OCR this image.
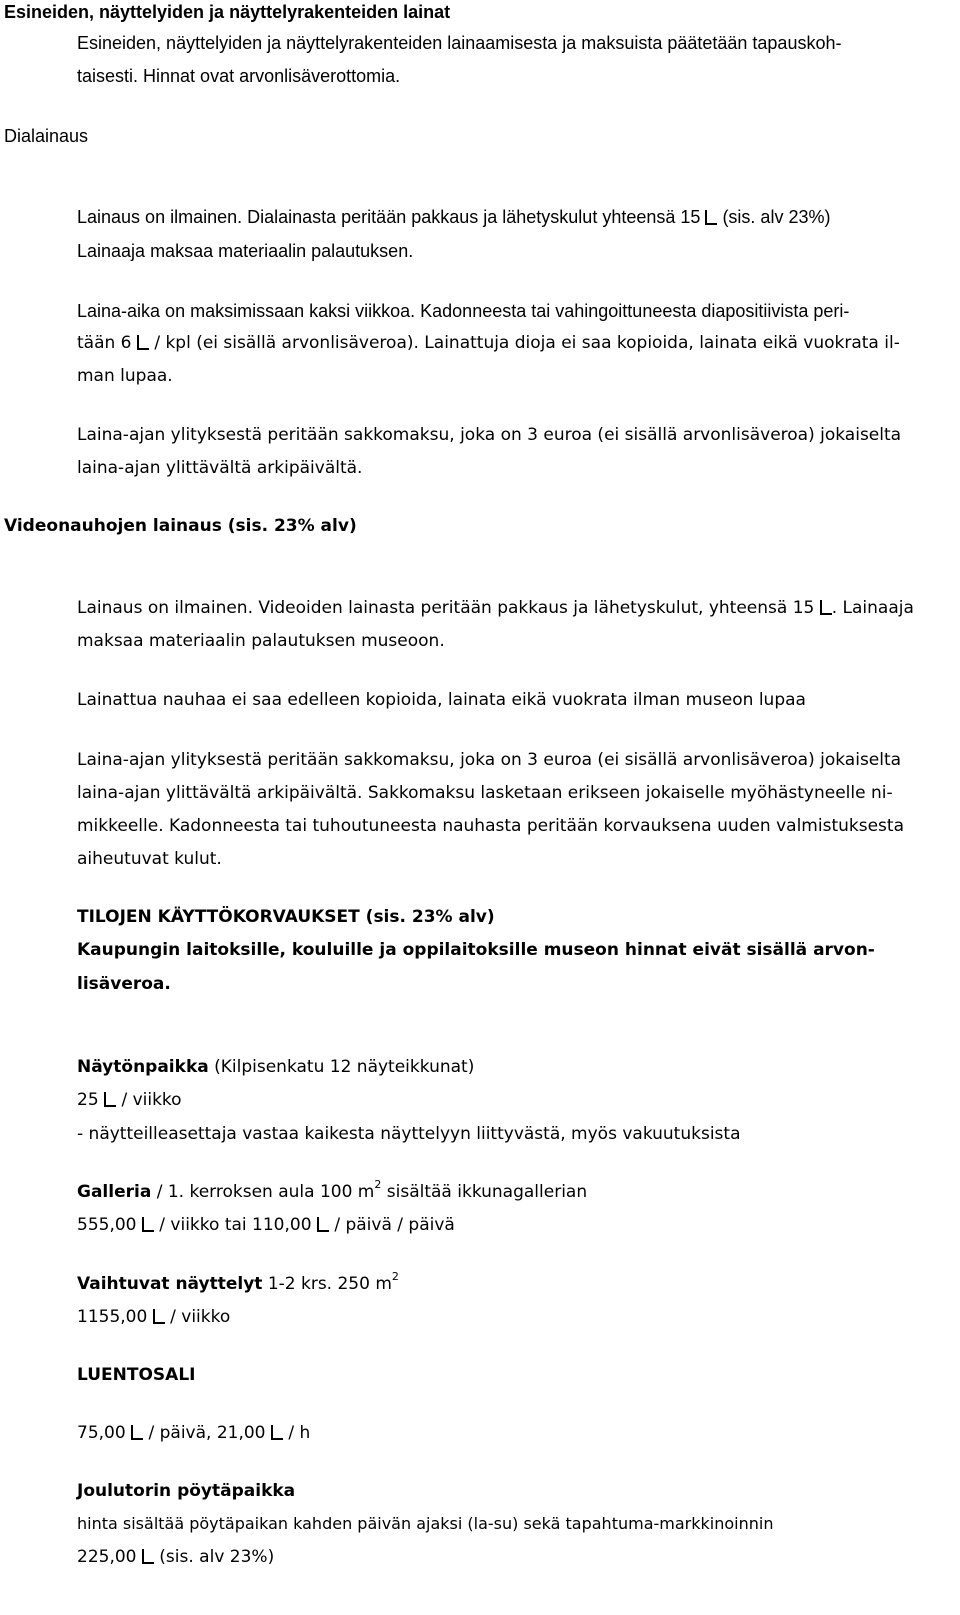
Esineiden, näyttelyiden ja näyttelyrakenteiden lainat
Esineiden, näyttelyiden ja näyttelyrakenteiden lainaamisesta ja maksuista päätetään tapauskoh-
taisesti. Hinnat ovat arvonlisäverottomia.
Dialainaus
Lainaus on ilmainen. Dialainasta peritään pakkaus ja lähetyskulut yhteensä 15 (sis. alv 23%)
Lainaaja maksaa materiaalin palautuksen.
Laina-aika on maksimissaan kaksi viikkoa. Kadonneesta tai vahingoittuneesta diapositiivista peri-
tään 6 / kpl (ei sisällä arvonlisäveroa). Lainattuja dioja ei saa kopioida, lainata eikä vuokrata il-
man lupaa.
Laina-ajan ylityksestä peritään sakkomaksu, joka on 3 euroa (ei sisällä arvonlisäveroa) jokaiselta
laina-ajan ylittävältä arkipäivältä.
Videonauhojen lainaus (sis. 23% alv)
Lainaus on ilmainen. Videoiden lainasta peritään pakkaus ja lähetyskulut, yhteensä 15 . Lainaaja
maksaa materiaalin palautuksen museoon.
Lainattua nauhaa ei saa edelleen kopioida, lainata eikä vuokrata ilman museon lupaa
Laina-ajan ylityksestä peritään sakkomaksu, joka on 3 euroa (ei sisällä arvonlisäveroa) jokaiselta
laina-ajan ylittävältä arkipäivältä. Sakkomaksu lasketaan erikseen jokaiselle myöhästyneelle ni-
mikkeelle. Kadonneesta tai tuhoutuneesta nauhasta peritään korvauksena uuden valmistuksesta
aiheutuvat kulut.
TILOJEN KÄYTTÖKORVAUKSET (sis. 23% alv)
Kaupungin laitoksille, kouluille ja oppilaitoksille museon hinnat eivät sisällä arvon-
lisäveroa.
Näytönpaikka (Kilpisenkatu 12 näyteikkunat)
25 / viikko
- näytteilleasettaja vastaa kaikesta näyttelyyn liittyvästä, myös vakuutuksista
Galleria / 1. kerroksen aula 100 $m^2$ sisältää ikkunagallerian
555,00 / viikko tai 110,00 / päivä / päivä
Vaihtuvat näyttelyt 1-2 krs. 250 $m^2$
1155,00 / viikko
LUENTOSALI
75,00 / päivä, 21,00 / h
Joulutorin pöytäpaikka
hinta sisältää pöytäpaikan kahden päivän ajaksi (la-su) sekä tapahtuma-markkinoinnin
225,00 (sis. alv 23%)
